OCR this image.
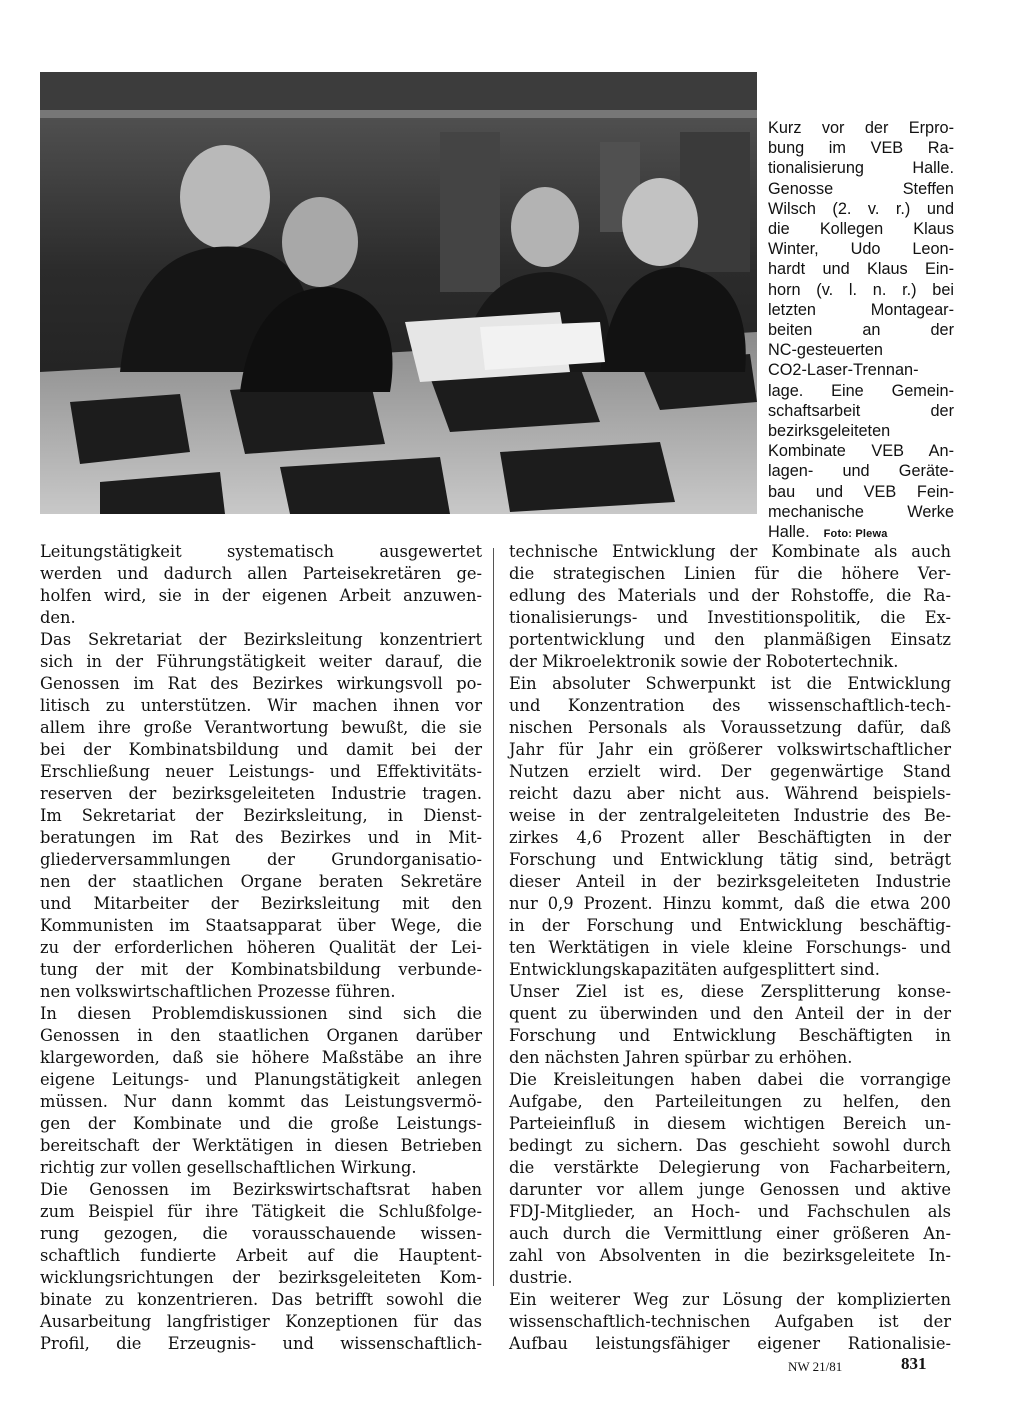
Kurz vor der Erpro-
bung im VEB Ra-
tionalisierung Halle.
Genosse Steffen
Wilsch (2. v. r.) und
die Kollegen Klaus
Winter, Udo Leon-
hardt und Klaus Ein-
horn (v. l. n. r.) bei
letzten Montagear-
beiten an der
NC-gesteuerten
CO2-Laser-Trennan-
lage. Eine Gemein-
schaftsarbeit der
bezirksgeleiteten
Kombinate VEB An-
lagen- und Geräte-
bau und VEB Fein-
mechanische Werke
Halle. Foto: Plewa
Leitungstätigkeit systematisch ausgewertet
werden und dadurch allen Parteisekretären ge-
holfen wird, sie in der eigenen Arbeit anzuwen-
den.
Das Sekretariat der Bezirksleitung konzentriert
sich in der Führungstätigkeit weiter darauf, die
Genossen im Rat des Bezirkes wirkungsvoll po-
litisch zu unterstützen. Wir machen ihnen vor
allem ihre große Verantwortung bewußt, die sie
bei der Kombinatsbildung und damit bei der
Erschließung neuer Leistungs- und Effektivitäts-
reserven der bezirksgeleiteten Industrie tragen.
Im Sekretariat der Bezirksleitung, in Dienst-
beratungen im Rat des Bezirkes und in Mit-
gliederversammlungen der Grundorganisatio-
nen der staatlichen Organe beraten Sekretäre
und Mitarbeiter der Bezirksleitung mit den
Kommunisten im Staatsapparat über Wege, die
zu der erforderlichen höheren Qualität der Lei-
tung der mit der Kombinatsbildung verbunde-
nen volkswirtschaftlichen Prozesse führen.
In diesen Problemdiskussionen sind sich die
Genossen in den staatlichen Organen darüber
klargeworden, daß sie höhere Maßstäbe an ihre
eigene Leitungs- und Planungstätigkeit anlegen
müssen. Nur dann kommt das Leistungsvermö-
gen der Kombinate und die große Leistungs-
bereitschaft der Werktätigen in diesen Betrieben
richtig zur vollen gesellschaftlichen Wirkung.
Die Genossen im Bezirkswirtschaftsrat haben
zum Beispiel für ihre Tätigkeit die Schlußfolge-
rung gezogen, die vorausschauende wissen-
schaftlich fundierte Arbeit auf die Hauptent-
wicklungsrichtungen der bezirksgeleiteten Kom-
binate zu konzentrieren. Das betrifft sowohl die
Ausarbeitung langfristiger Konzeptionen für das
Profil, die Erzeugnis- und wissenschaftlich-
technische Entwicklung der Kombinate als auch
die strategischen Linien für die höhere Ver-
edlung des Materials und der Rohstoffe, die Ra-
tionalisierungs- und Investitionspolitik, die Ex-
portentwicklung und den planmäßigen Einsatz
der Mikroelektronik sowie der Robotertechnik.
Ein absoluter Schwerpunkt ist die Entwicklung
und Konzentration des wissenschaftlich-tech-
nischen Personals als Voraussetzung dafür, daß
Jahr für Jahr ein größerer volkswirtschaftlicher
Nutzen erzielt wird. Der gegenwärtige Stand
reicht dazu aber nicht aus. Während beispiels-
weise in der zentralgeleiteten Industrie des Be-
zirkes 4,6 Prozent aller Beschäftigten in der
Forschung und Entwicklung tätig sind, beträgt
dieser Anteil in der bezirksgeleiteten Industrie
nur 0,9 Prozent. Hinzu kommt, daß die etwa 200
in der Forschung und Entwicklung beschäftig-
ten Werktätigen in viele kleine Forschungs- und
Entwicklungskapazitäten aufgesplittert sind.
Unser Ziel ist es, diese Zersplitterung konse-
quent zu überwinden und den Anteil der in der
Forschung und Entwicklung Beschäftigten in
den nächsten Jahren spürbar zu erhöhen.
Die Kreisleitungen haben dabei die vorrangige
Aufgabe, den Parteileitungen zu helfen, den
Parteieinfluß in diesem wichtigen Bereich un-
bedingt zu sichern. Das geschieht sowohl durch
die verstärkte Delegierung von Facharbeitern,
darunter vor allem junge Genossen und aktive
FDJ-Mitglieder, an Hoch- und Fachschulen als
auch durch die Vermittlung einer größeren An-
zahl von Absolventen in die bezirksgeleitete In-
dustrie.
Ein weiterer Weg zur Lösung der komplizierten
wissenschaftlich-technischen Aufgaben ist der
Aufbau leistungsfähiger eigener Rationalisie-
NW 21/81	831
